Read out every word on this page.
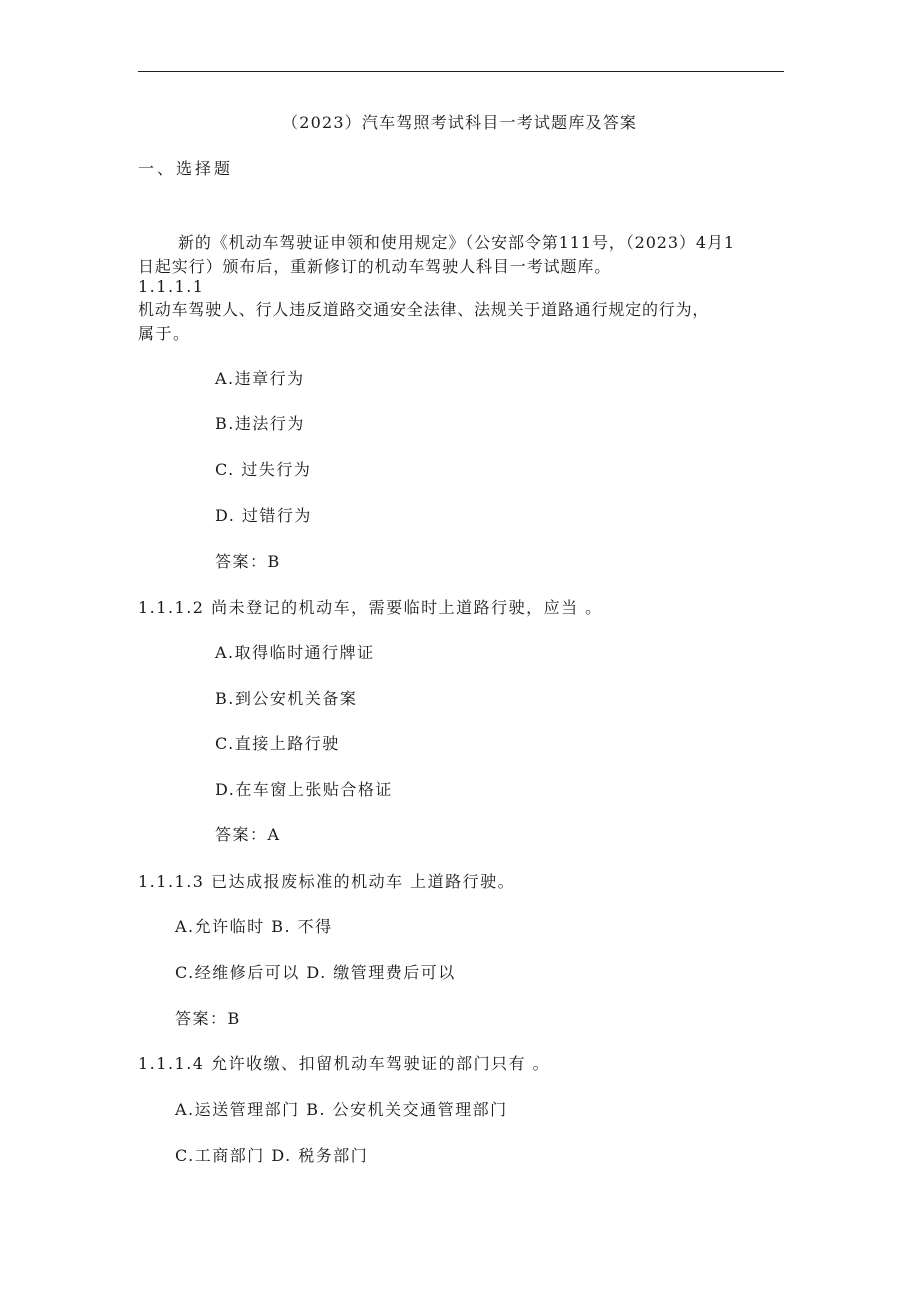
（2023）汽车驾照考试科目一考试题库及答案
一、选择题
新的《机动车驾驶证申领和使用规定》（公安部令第111号，（2023）4月1
日起实行）颁布后，重新修订的机动车驾驶人科目一考试题库。
1.1.1.1
机动车驾驶人、行人违反道路交通安全法律、法规关于道路通行规定的行为，
属于。
A.违章行为
B.违法行为
C. 过失行为
D. 过错行为
答案：B
1.1.1.2 尚未登记的机动车，需要临时上道路行驶，应当 。
A.取得临时通行牌证
B.到公安机关备案
C.直接上路行驶
D.在车窗上张贴合格证
答案：A
1.1.1.3 已达成报废标准的机动车 上道路行驶。
A.允许临时 B. 不得
C.经维修后可以 D. 缴管理费后可以
答案：B
1.1.1.4 允许收缴、扣留机动车驾驶证的部门只有 。
A.运送管理部门 B. 公安机关交通管理部门
C.工商部门 D. 税务部门
